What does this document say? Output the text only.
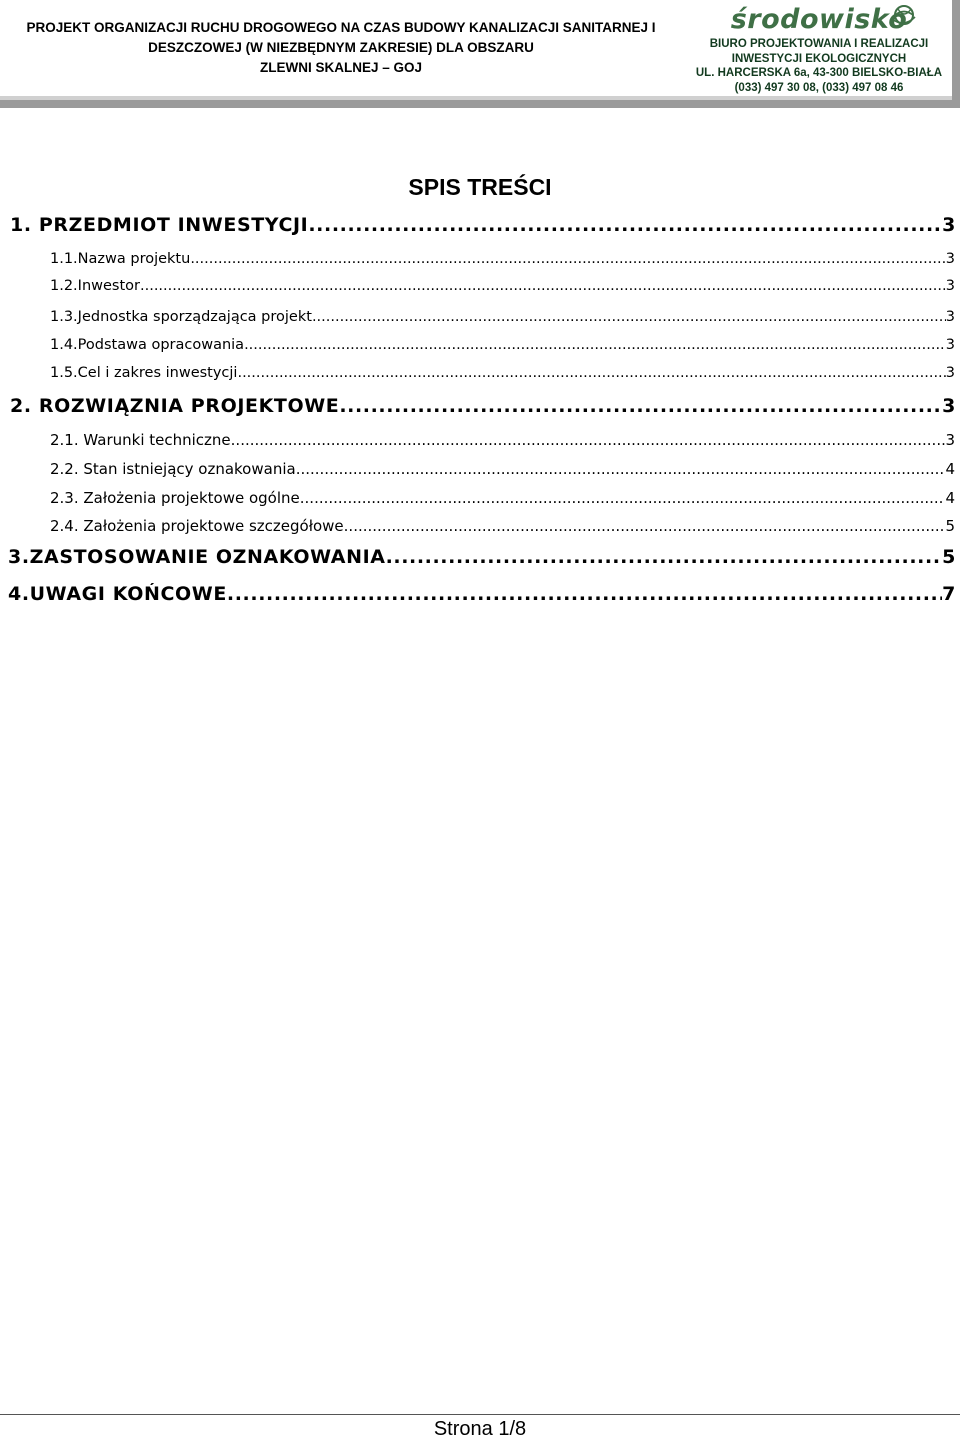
PROJEKT ORGANIZACJI RUCHU DROGOWEGO NA CZAS BUDOWY KANALIZACJI SANITARNEJ I
DESZCZOWEJ (W NIEZBĘDNYM ZAKRESIE) DLA OBSZARU
ZLEWNI SKALNEJ – GOJ
środowisko
BIURO PROJEKTOWANIA I REALIZACJI
INWESTYCJI EKOLOGICZNYCH
UL. HARCERSKA 6a, 43-300 BIELSKO-BIAŁA
(033) 497 30 08, (033) 497 08 46
SPIS TREŚCI
1. PRZEDMIOT INWESTYCJI .....	3
1.1.Nazwa projektu .....	3
1.2.Inwestor .....	3
1.3.Jednostka sporządzająca projekt .....	3
1.4.Podstawa opracowania .....	3
1.5.Cel i zakres inwestycji .....	3
2. ROZWIĄZNIA PROJEKTOWE .....	3
2.1. Warunki techniczne .....	3
2.2. Stan istniejący oznakowania .....	4
2.3. Założenia projektowe ogólne .....	4
2.4. Założenia projektowe szczegółowe .....	5
3.ZASTOSOWANIE OZNAKOWANIA .....	5
4.UWAGI KOŃCOWE .....	7
Strona 1/8
